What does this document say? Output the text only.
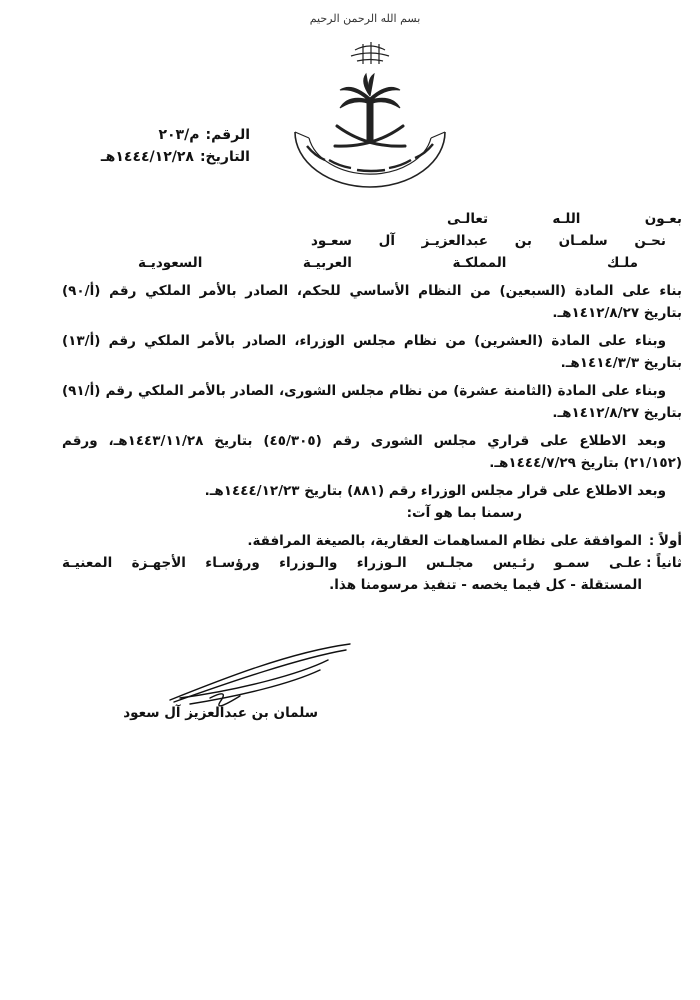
بسم الله الرحمن الرحيم
الرقم:
م/٢٠٣
التاريخ:
١٤٤٤/١٢/٢٨هـ
بعـون اللـه تعالـى
نحـن سلمـان بن عبدالعزيـز آل سعـود
ملـك المملكـة العربيـة السعوديـة
بناء على المادة (السبعين) من النظام الأساسي للحكم، الصادر بالأمر الملكي رقم (أ/٩٠)
بتاريخ ١٤١٢/٨/٢٧هـ.
وبناء على المادة (العشرين) من نظام مجلس الوزراء، الصادر بالأمر الملكي رقم (أ/١٣)
بتاريخ ١٤١٤/٣/٣هـ.
وبناء على المادة (الثامنة عشرة) من نظام مجلس الشورى، الصادر بالأمر الملكي رقم (أ/٩١)
بتاريخ ١٤١٢/٨/٢٧هـ.
وبعد الاطلاع على قراري مجلس الشورى رقم (٤٥/٣٠٥) بتاريخ ١٤٤٣/١١/٢٨هـ، ورقم
(٢١/١٥٢) بتاريخ ١٤٤٤/٧/٢٩هـ.
وبعد الاطلاع على قرار مجلس الوزراء رقم (٨٨١) بتاريخ ١٤٤٤/١٢/٢٣هـ.
رسمنا بما هو آت:
أولاً :
الموافقة على نظام المساهمات العقارية، بالصيغة المرافقة.
ثانياً :
علـى سمـو رئـيس مجلـس الـوزراء والـوزراء ورؤسـاء الأجهـزة المعنيـة
المستقلة - كل فيما يخصه - تنفيذ مرسومنا هذا.
سلمان بن عبدالعزيز آل سعود
